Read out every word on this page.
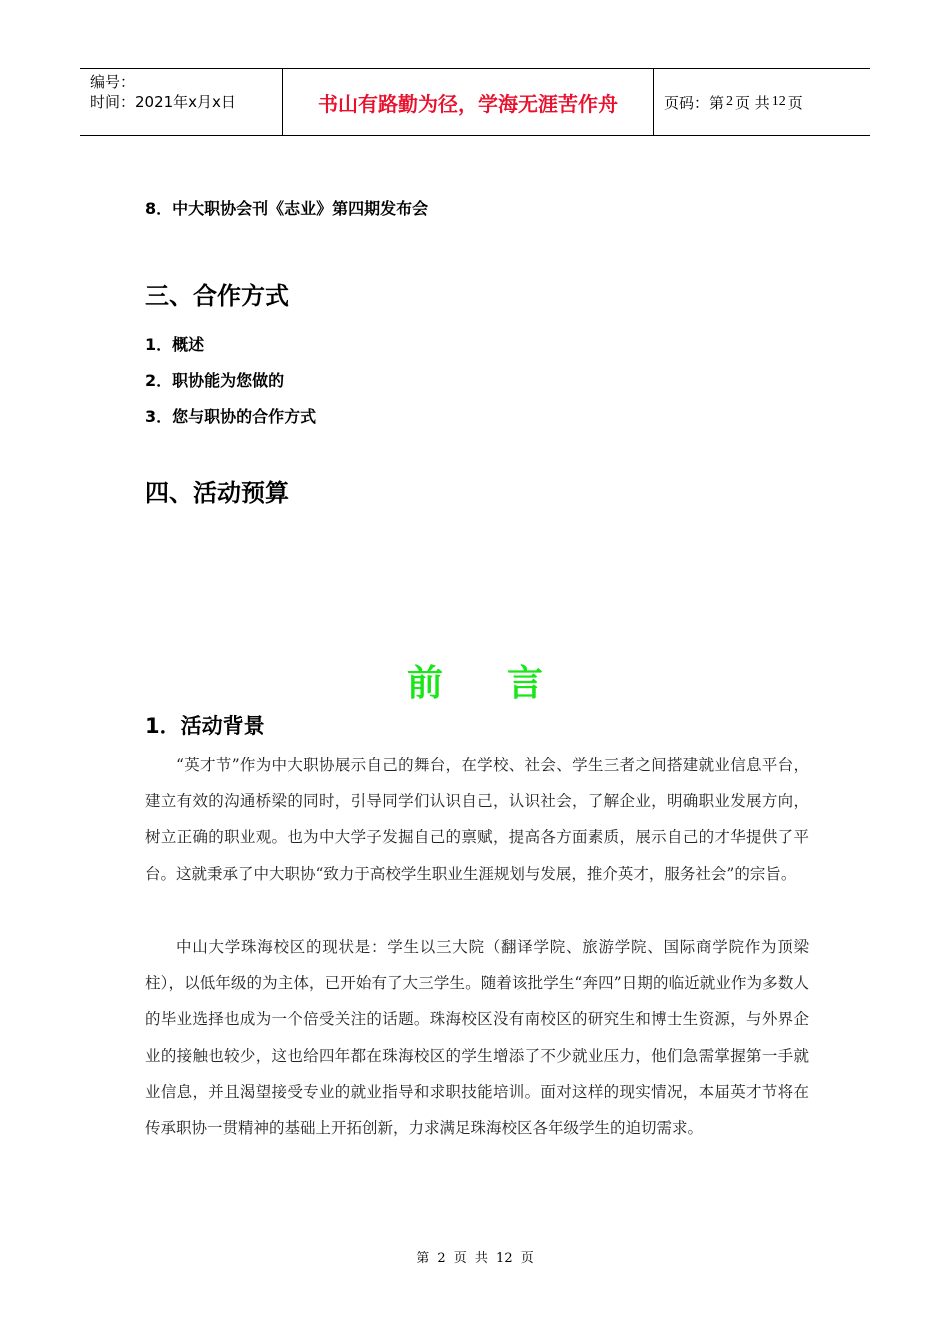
编号：
时间：2021年x月x日	书山有路勤为径，学海无涯苦作舟	页码：第 2 页 共 12 页
8．中大职协会刊《志业》第四期发布会
三、合作方式
1．概述
2．职协能为您做的
3．您与职协的合作方式
四、活动预算
前言
1．活动背景

“英才节”作为中大职协展示自己的舞台，在学校、社会、学生三者之间搭建就业信息平台，建立有效的沟通桥梁的同时，引导同学们认识自己，认识社会，了解企业，明确职业发展方向，树立正确的职业观。也为中大学子发掘自己的禀赋，提高各方面素质，展示自己的才华提供了平台。这就秉承了中大职协“致力于高校学生职业生涯规划与发展，推介英才，服务社会”的宗旨。

中山大学珠海校区的现状是：学生以三大院（翻译学院、旅游学院、国际商学院作为顶梁柱），以低年级的为主体，已开始有了大三学生。随着该批学生“奔四”日期的临近就业作为多数人的毕业选择也成为一个倍受关注的话题。珠海校区没有南校区的研究生和博士生资源，与外界企业的接触也较少，这也给四年都在珠海校区的学生增添了不少就业压力，他们急需掌握第一手就业信息，并且渴望接受专业的就业指导和求职技能培训。面对这样的现实情况，本届英才节将在传承职协一贯精神的基础上开拓创新，力求满足珠海校区各年级学生的迫切需求。

第 2 页 共 12 页
